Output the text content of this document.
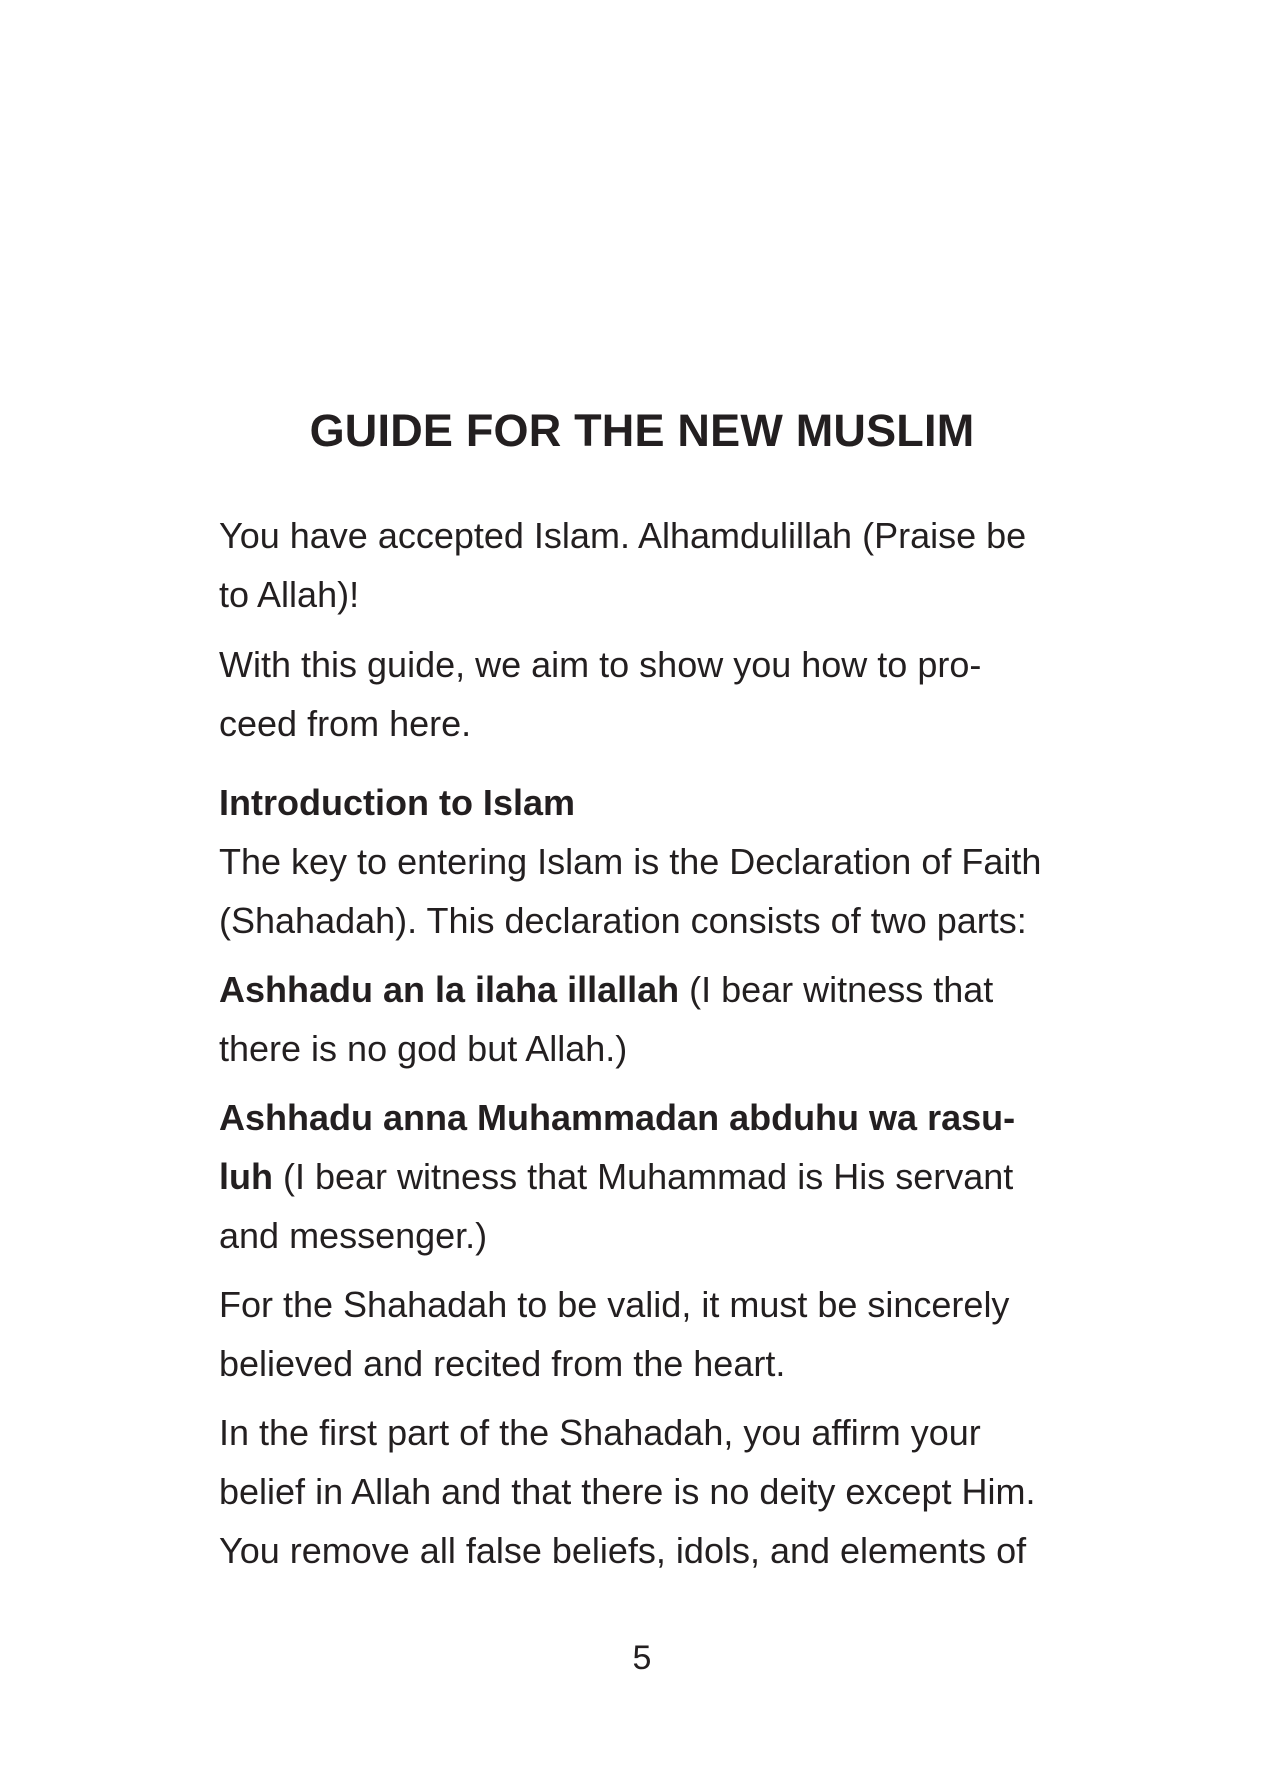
GUIDE FOR THE NEW MUSLIM

You have accepted Islam. Alhamdulillah (Praise be
to Allah)!

With this guide, we aim to show you how to pro-
ceed from here.

Introduction to Islam
The key to entering Islam is the Declaration of Faith
(Shahadah). This declaration consists of two parts:

Ashhadu an la ilaha illallah (I bear witness that
there is no god but Allah.)

Ashhadu anna Muhammadan abduhu wa rasu-
luh (I bear witness that Muhammad is His servant
and messenger.)

For the Shahadah to be valid, it must be sincerely
believed and recited from the heart.

In the first part of the Shahadah, you affirm your
belief in Allah and that there is no deity except Him.
You remove all false beliefs, idols, and elements of

5
